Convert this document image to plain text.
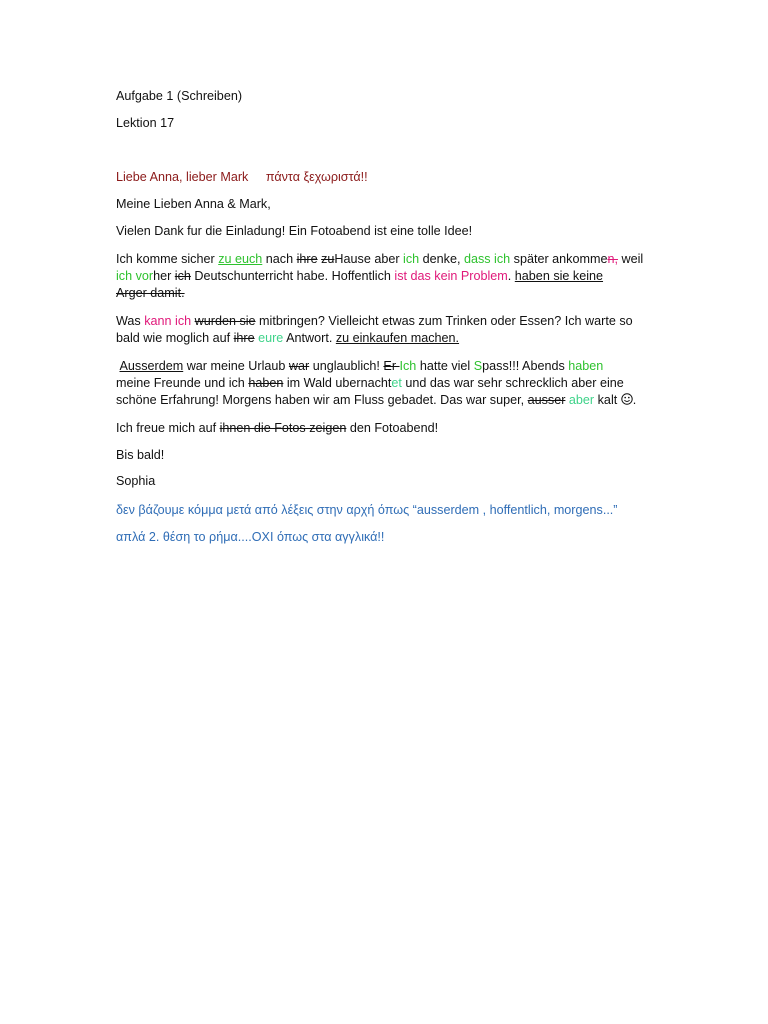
Aufgabe 1 (Schreiben)
Lektion 17
Liebe Anna, lieber Mark πάντα ξεχωριστά!!
Meine Lieben Anna & Mark,
Vielen Dank fur die Einladung! Ein Fotoabend ist eine tolle Idee!
Ich komme sicher zu euch nach ihre zuHause aber ich denke, dass ich später ankommen, weil
ich vorher ich Deutschunterricht habe. Hoffentlich ist das kein Problem. haben sie keine
Arger damit.
Was kann ich wurden sie mitbringen? Vielleicht etwas zum Trinken oder Essen? Ich warte so
bald wie moglich auf ihre eure Antwort. zu einkaufen machen.
Ausserdem war meine Urlaub war unglaublich! Er Ich hatte viel Spass!!! Abends haben
meine Freunde und ich haben im Wald ubernachtet und das war sehr schrecklich aber eine
schöne Erfahrung! Morgens haben wir am Fluss gebadet. Das war super, ausser aber kalt .
Ich freue mich auf ihnen die Fotos zeigen den Fotoabend!
Bis bald!
Sophia
δεν βάζουμε κόμμα μετά από λέξεις στην αρχή όπως “ausserdem , hoffentlich, morgens...”
απλά 2. θέση το ρήμα....ΟΧΙ όπως στα αγγλικά!!
